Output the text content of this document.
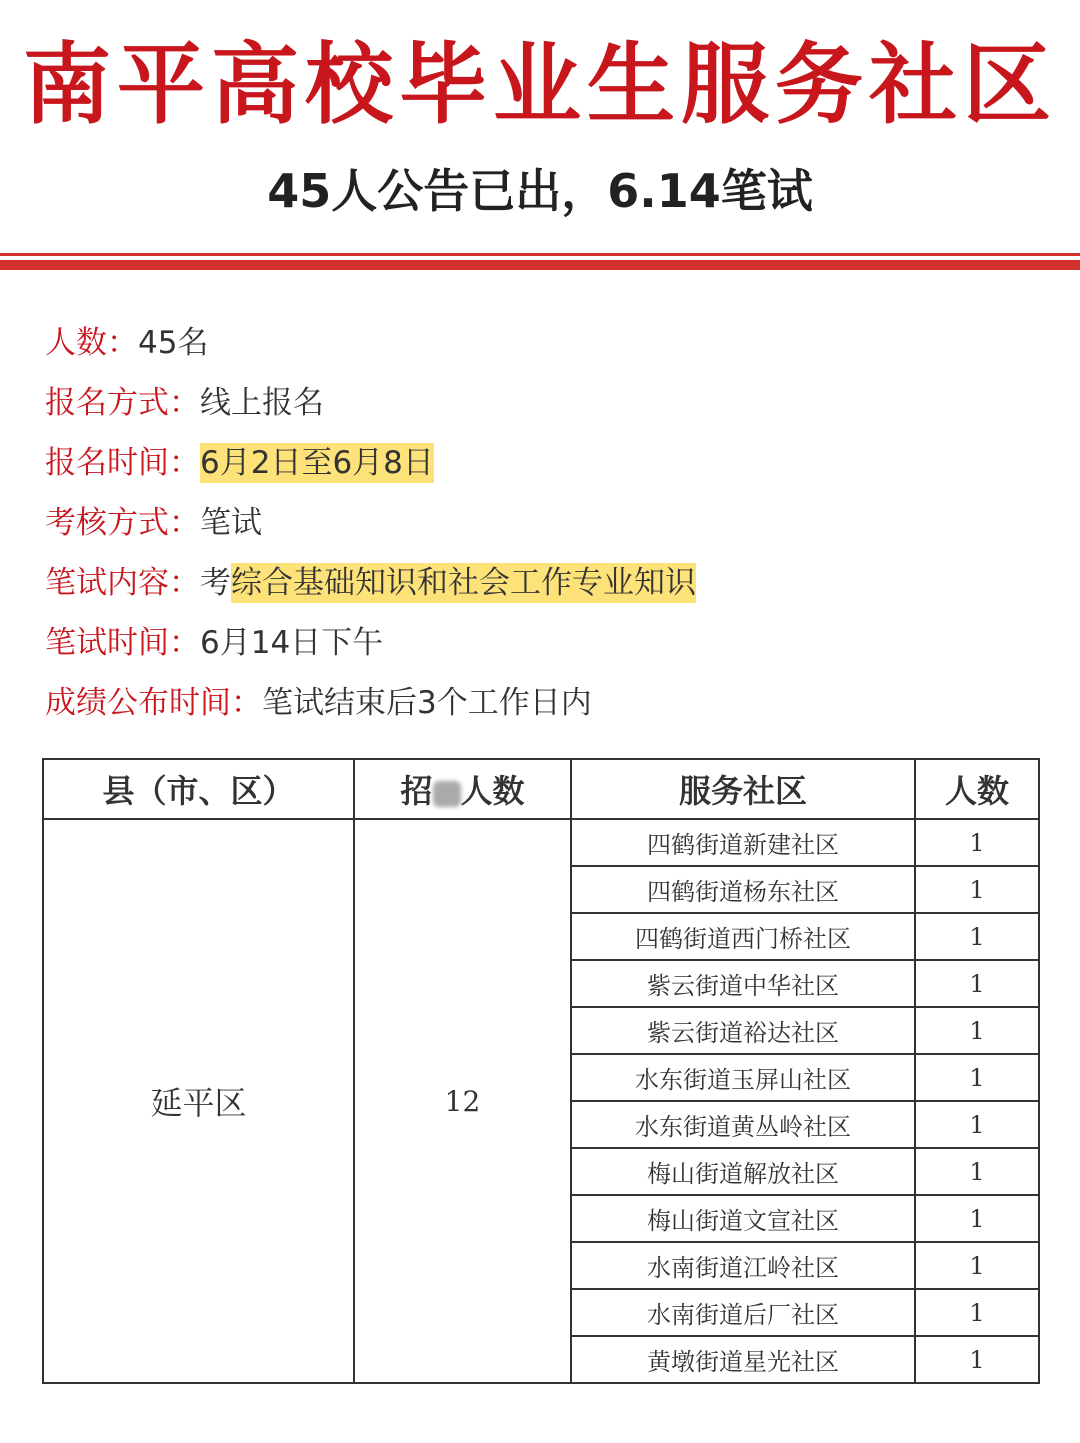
南平高校毕业生服务社区
45人公告已出，6.14笔试
人数：45名
报名方式：线上报名
报名时间：6月2日至6月8日
考核方式：笔试
笔试内容：考综合基础知识和社会工作专业知识
笔试时间：6月14日下午
成绩公布时间：笔试结束后3个工作日内
县（市、区）	招 人数	服务社区	人数
延平区	12	四鹤街道新建社区	1
		四鹤街道杨东社区	1
		四鹤街道西门桥社区	1
		紫云街道中华社区	1
		紫云街道裕达社区	1
		水东街道玉屏山社区	1
		水东街道黄丛岭社区	1
		梅山街道解放社区	1
		梅山街道文宣社区	1
		水南街道江岭社区	1
		水南街道后厂社区	1
		黄墩街道星光社区	1
